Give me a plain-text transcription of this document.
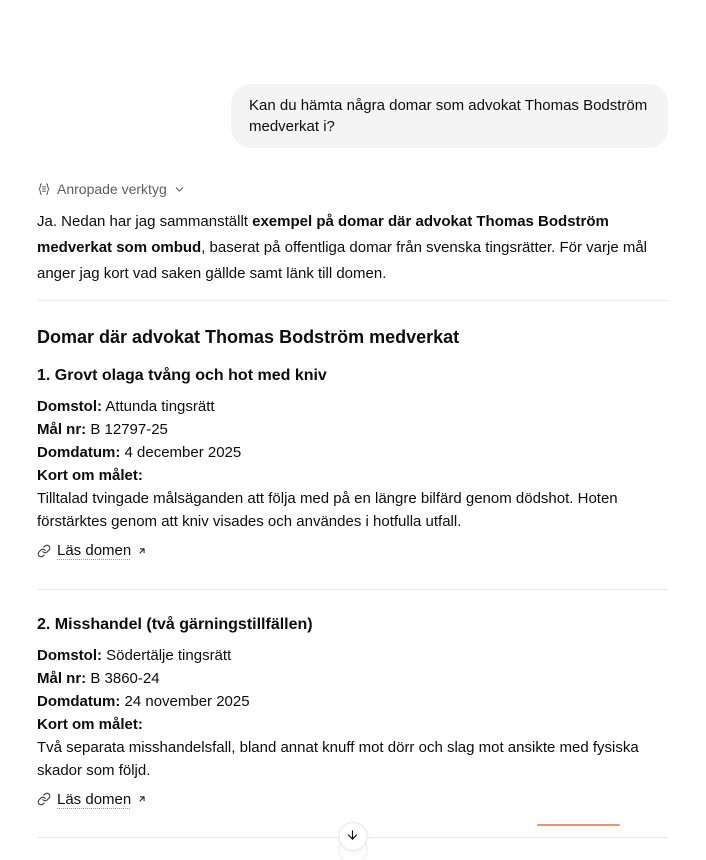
Kan du hämta några domar som advokat Thomas Bodström medverkat i?
Anropade verktyg

Ja. Nedan har jag sammanställt exempel på domar där advokat Thomas Bodström medverkat som ombud, baserat på offentliga domar från svenska tingsrätter. För varje mål anger jag kort vad saken gällde samt länk till domen.

Domar där advokat Thomas Bodström medverkat
1. Grovt olaga tvång och hot med kniv
Domstol: Attunda tingsrätt
Mål nr: B 12797-25
Domdatum: 4 december 2025
Kort om målet:

Tilltalad tvingade målsäganden att följa med på en längre bilfärd genom dödshot. Hoten förstärktes genom att kniv visades och användes i hotfulla utfall.

Läs domen
2. Misshandel (två gärningstillfällen)
Domstol: Södertälje tingsrätt
Mål nr: B 3860-24
Domdatum: 24 november 2025
Kort om målet:

Två separata misshandelsfall, bland annat knuff mot dörr och slag mot ansikte med fysiska skador som följd.

Läs domen
